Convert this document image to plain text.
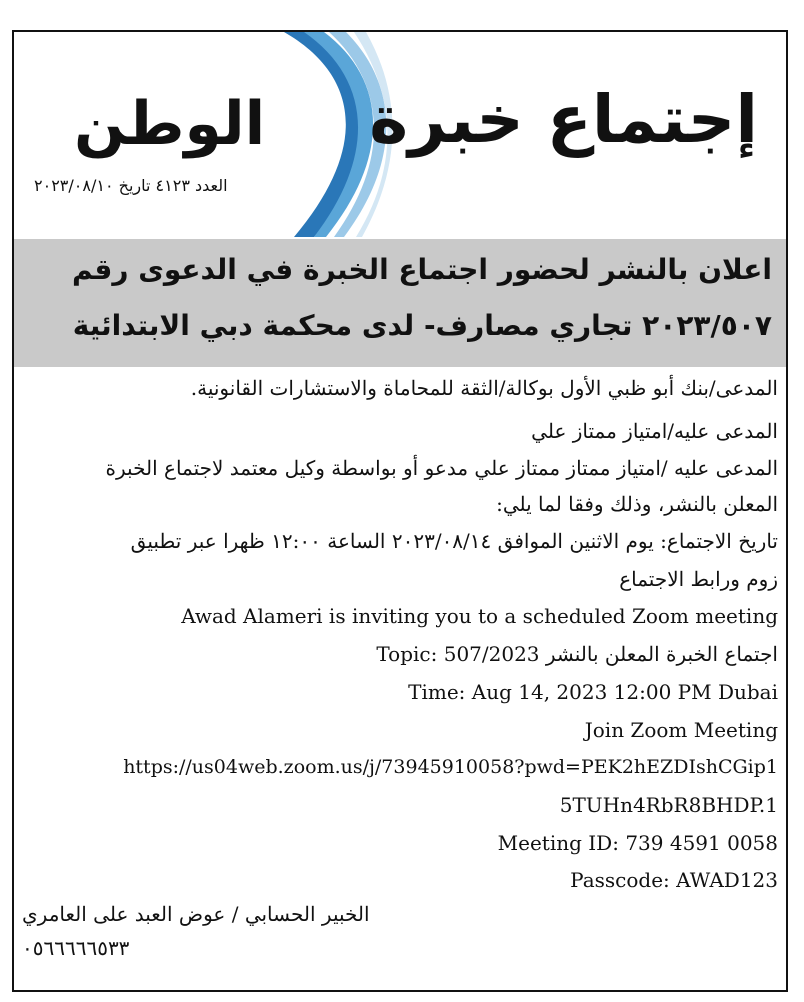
الوطن
العدد ٤١٢٣ تاريخ ٢٠٢٣/٠٨/١٠
إجتماع خبرة
اعلان بالنشر لحضور اجتماع الخبرة في الدعوى رقم
٢٠٢٣/٥٠٧ تجاري مصارف- لدى محكمة دبي الابتدائية
المدعى/بنك أبو ظبي الأول بوكالة/الثقة للمحاماة والاستشارات القانونية.
المدعى عليه/امتياز ممتاز علي
المدعى عليه /امتياز ممتاز ممتاز علي مدعو أو بواسطة وكيل معتمد لاجتماع الخبرة
المعلن بالنشر، وذلك وفقا لما يلي:
تاريخ الاجتماع: يوم الاثنين الموافق ٢٠٢٣/٠٨/١٤ الساعة ١٢:٠٠ ظهرا عبر تطبيق
زوم ورابط الاجتماع
Awad Alameri is inviting you to a scheduled Zoom meeting
Topic: اجتماع الخبرة المعلن بالنشر 507/2023
Time: Aug 14, 2023 12:00 PM Dubai
Join Zoom Meeting
https://us04web.zoom.us/j/73945910058?pwd=PEK2hEZDIshCGip1
5TUHn4RbR8BHDP.1
Meeting ID: 739 4591 0058
Passcode: AWAD123
الخبير الحسابي / عوض العبد على العامري
٠٥٦٦٦٦٦٥٣٣
